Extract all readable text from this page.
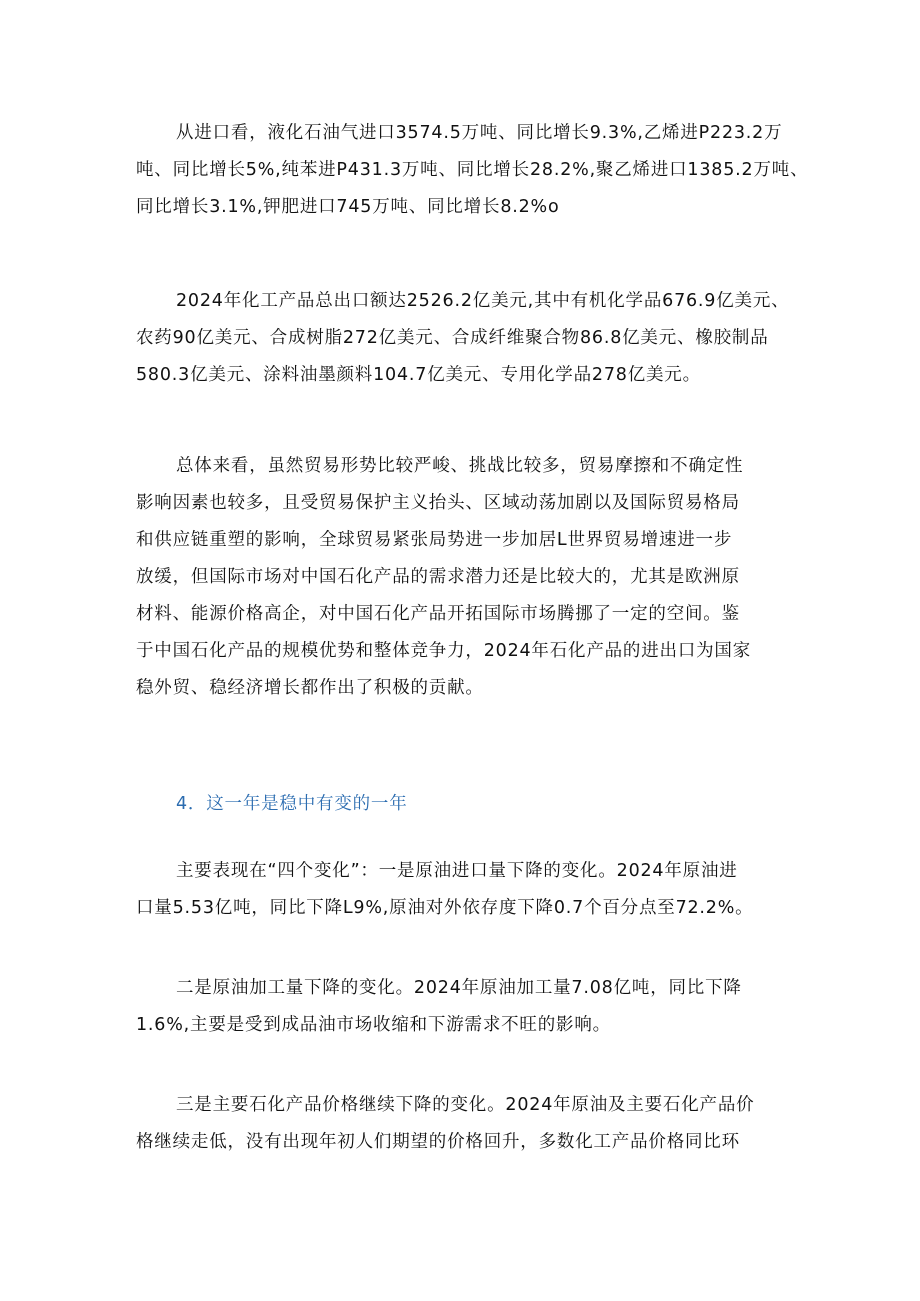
从进口看，液化石油气进口3574.5万吨、同比增长9.3%,乙烯进P223.2万
吨、同比增长5%,纯苯进P431.3万吨、同比增长28.2%,聚乙烯进口1385.2万吨、
同比增长3.1%,钾肥进口745万吨、同比增长8.2%o

2024年化工产品总出口额达2526.2亿美元,其中有机化学品676.9亿美元、
农药90亿美元、合成树脂272亿美元、合成纤维聚合物86.8亿美元、橡胶制品
580.3亿美元、涂料油墨颜料104.7亿美元、专用化学品278亿美元。

总体来看，虽然贸易形势比较严峻、挑战比较多，贸易摩擦和不确定性
影响因素也较多，且受贸易保护主义抬头、区域动荡加剧以及国际贸易格局
和供应链重塑的影响，全球贸易紧张局势进一步加居L世界贸易增速进一步
放缓，但国际市场对中国石化产品的需求潜力还是比较大的，尤其是欧洲原
材料、能源价格高企，对中国石化产品开拓国际市场腾挪了一定的空间。鉴
于中国石化产品的规模优势和整体竞争力，2024年石化产品的进出口为国家
稳外贸、稳经济增长都作出了积极的贡献。

4．这一年是稳中有变的一年

主要表现在“四个变化”：一是原油进口量下降的变化。2024年原油进
口量5.53亿吨，同比下降L9%,原油对外依存度下降0.7个百分点至72.2%。

二是原油加工量下降的变化。2024年原油加工量7.08亿吨，同比下降
1.6%,主要是受到成品油市场收缩和下游需求不旺的影响。

三是主要石化产品价格继续下降的变化。2024年原油及主要石化产品价
格继续走低，没有出现年初人们期望的价格回升，多数化工产品价格同比环
